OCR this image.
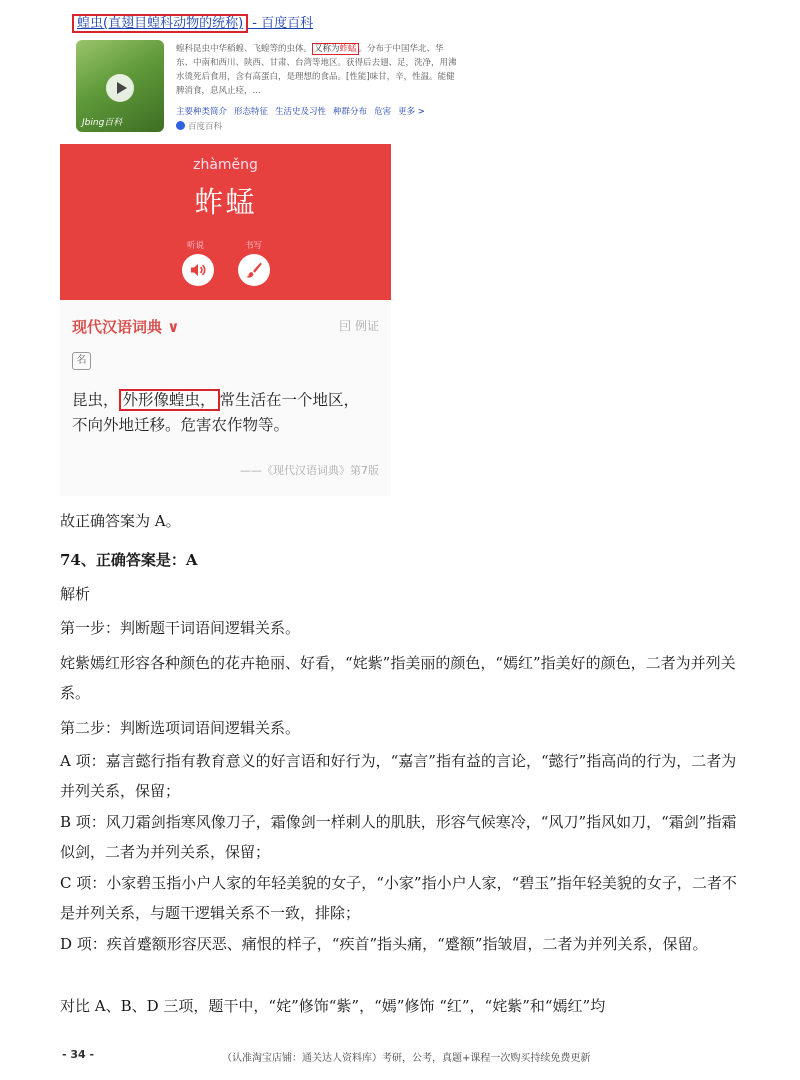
蝗虫(直翅目蝗科动物的统称) - 百度百科
Jbing百科
蝗科昆虫中华稻蝗、飞蝗等的虫体。 又称为蚱蜢 。分布于中国华北、华东、中南和西川、陕西、甘肃、台湾等地区。获得后去翅、足，洗净，用沸水烫死后食用，含有高蛋白，是理想的食品。[性能]味甘，辛，性温。能健脾消食，息风止痉，...
主要种类简介 形态特征 生活史及习性 种群分布 危害 更多 >
百度百科
zhàměng
蚱蜢
听说	书写
现代汉语词典 ∨	囙 例证
名
昆虫， 外形像蝗虫， 常生活在一个地区，
不向外地迁移。危害农作物等。
——《现代汉语词典》第7版
故正确答案为 A。
74、正确答案是：A
解析
第一步：判断题干词语间逻辑关系。
姹紫嫣红形容各种颜色的花卉艳丽、好看，“姹紫”指美丽的颜色，“嫣红”指美好的颜色，二者为并列关系。
第二步：判断选项词语间逻辑关系。
A 项：嘉言懿行指有教育意义的好言语和好行为，“嘉言”指有益的言论，“懿行”指高尚的行为，二者为并列关系，保留；
B 项：风刀霜剑指寒风像刀子，霜像剑一样刺人的肌肤，形容气候寒冷，“风刀”指风如刀，“霜剑”指霜似剑，二者为并列关系，保留；
C 项：小家碧玉指小户人家的年轻美貌的女子，“小家”指小户人家，“碧玉”指年轻美貌的女子，二者不是并列关系，与题干逻辑关系不一致，排除；
D 项：疾首蹙额形容厌恶、痛恨的样子，“疾首”指头痛，“蹙额”指皱眉，二者为并列关系，保留。
对比 A、B、D 三项，题干中，“姹”修饰“紫”，“嫣”修饰 “红”，“姹紫”和“嫣红”均
- 34 -	（认准淘宝店铺：通关达人资料库）考研，公考，真题+课程一次购买持续免费更新
